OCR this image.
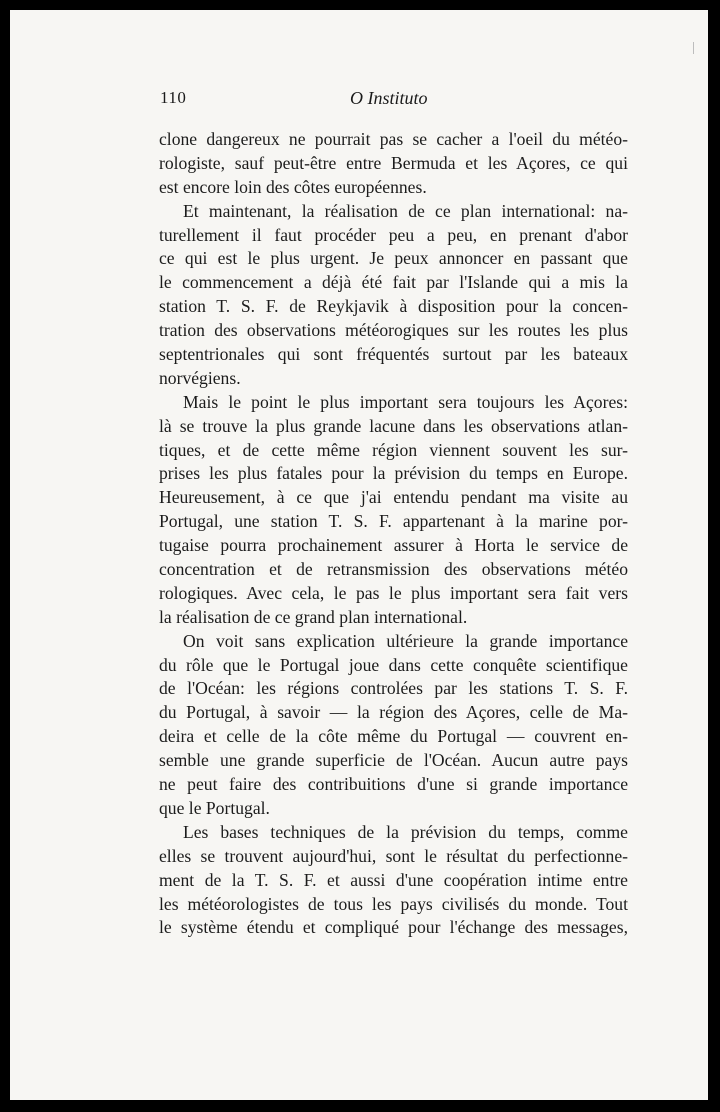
110	O Instituto
clone dangereux ne pourrait pas se cacher a l'oeil du météo-
rologiste, sauf peut-être entre Bermuda et les Açores, ce qui
est encore loin des côtes européennes.
Et maintenant, la réalisation de ce plan international: na-
turellement il faut procéder peu a peu, en prenant d'abor
ce qui est le plus urgent. Je peux annoncer en passant que
le commencement a déjà été fait par l'Islande qui a mis la
station T. S. F. de Reykjavik à disposition pour la concen-
tration des observations météorogiques sur les routes les plus
septentrionales qui sont fréquentés surtout par les bateaux
norvégiens.
Mais le point le plus important sera toujours les Açores:
là se trouve la plus grande lacune dans les observations atlan-
tiques, et de cette même région viennent souvent les sur-
prises les plus fatales pour la prévision du temps en Europe.
Heureusement, à ce que j'ai entendu pendant ma visite au
Portugal, une station T. S. F. appartenant à la marine por-
tugaise pourra prochainement assurer à Horta le service de
concentration et de retransmission des observations météo
rologiques. Avec cela, le pas le plus important sera fait vers
la réalisation de ce grand plan international.
On voit sans explication ultérieure la grande importance
du rôle que le Portugal joue dans cette conquête scientifique
de l'Océan: les régions controlées par les stations T. S. F.
du Portugal, à savoir — la région des Açores, celle de Ma-
deira et celle de la côte même du Portugal — couvrent en-
semble une grande superficie de l'Océan. Aucun autre pays
ne peut faire des contribuitions d'une si grande importance
que le Portugal.
Les bases techniques de la prévision du temps, comme
elles se trouvent aujourd'hui, sont le résultat du perfectionne-
ment de la T. S. F. et aussi d'une coopération intime entre
les météorologistes de tous les pays civilisés du monde. Tout
le système étendu et compliqué pour l'échange des messages,
